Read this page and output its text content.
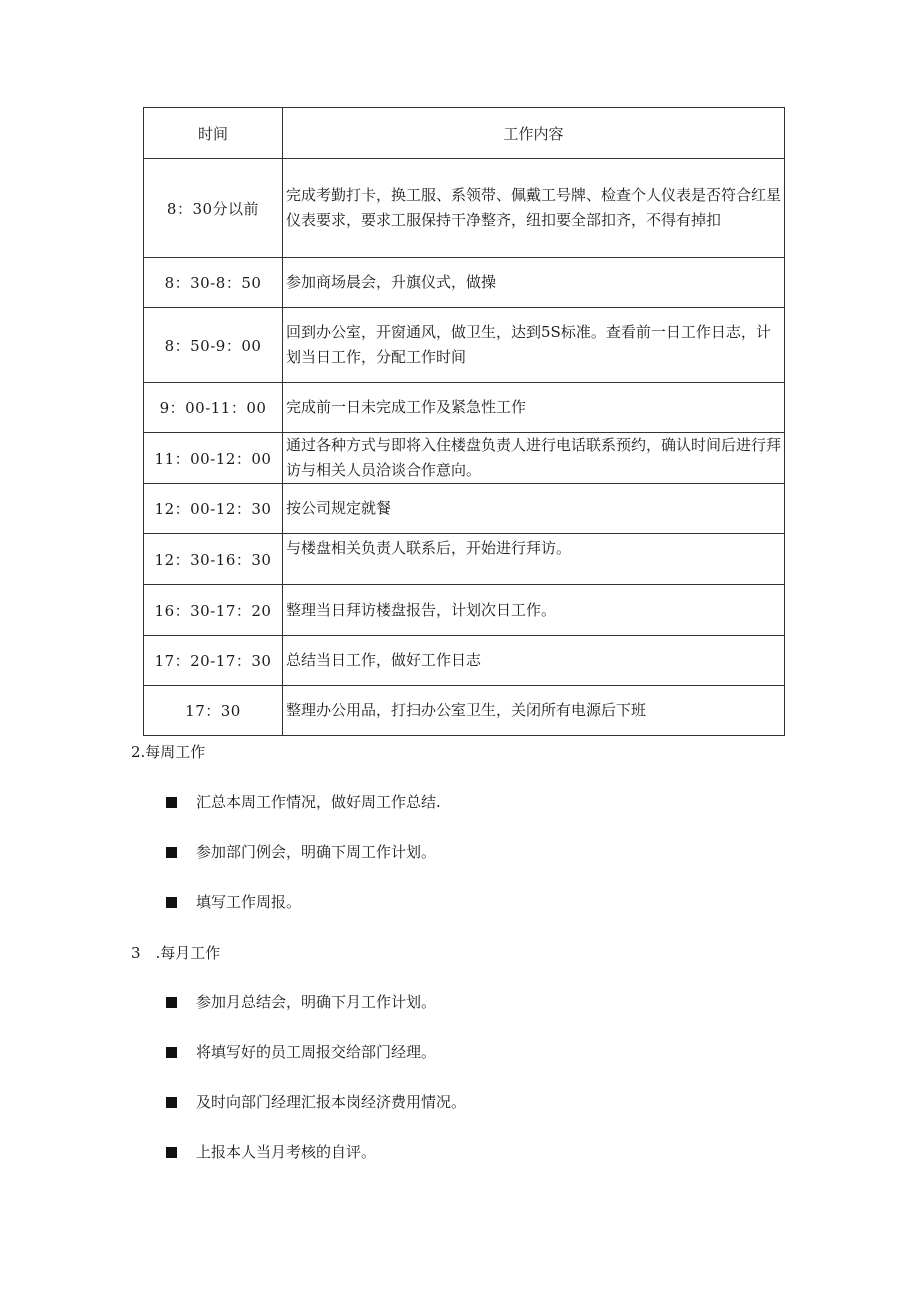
时间	工作内容
8：30分以前	完成考勤打卡，换工服、系领带、佩戴工号牌、检查个人仪表是否符合红星仪表要求，要求工服保持干净整齐，纽扣要全部扣齐，不得有掉扣
8：30-8：50	参加商场晨会，升旗仪式，做操
8：50-9：00	回到办公室，开窗通风，做卫生，达到5S标准。查看前一日工作日志，计划当日工作，分配工作时间
9：00-11：00	完成前一日未完成工作及紧急性工作
11：00-12：00	通过各种方式与即将入住楼盘负责人进行电话联系预约，确认时间后进行拜访与相关人员洽谈合作意向。
12：00-12：30	按公司规定就餐
12：30-16：30	与楼盘相关负责人联系后，开始进行拜访。
16：30-17：20	整理当日拜访楼盘报告，计划次日工作。
17：20-17：30	总结当日工作，做好工作日志
17：30	整理办公用品，打扫办公室卫生，关闭所有电源后下班

2.每周工作

汇总本周工作情况，做好周工作总结.
参加部门例会，明确下周工作计划。
填写工作周报。

3　.每月工作

参加月总结会，明确下月工作计划。
将填写好的员工周报交给部门经理。
及时向部门经理汇报本岗经济费用情况。
上报本人当月考核的自评。
